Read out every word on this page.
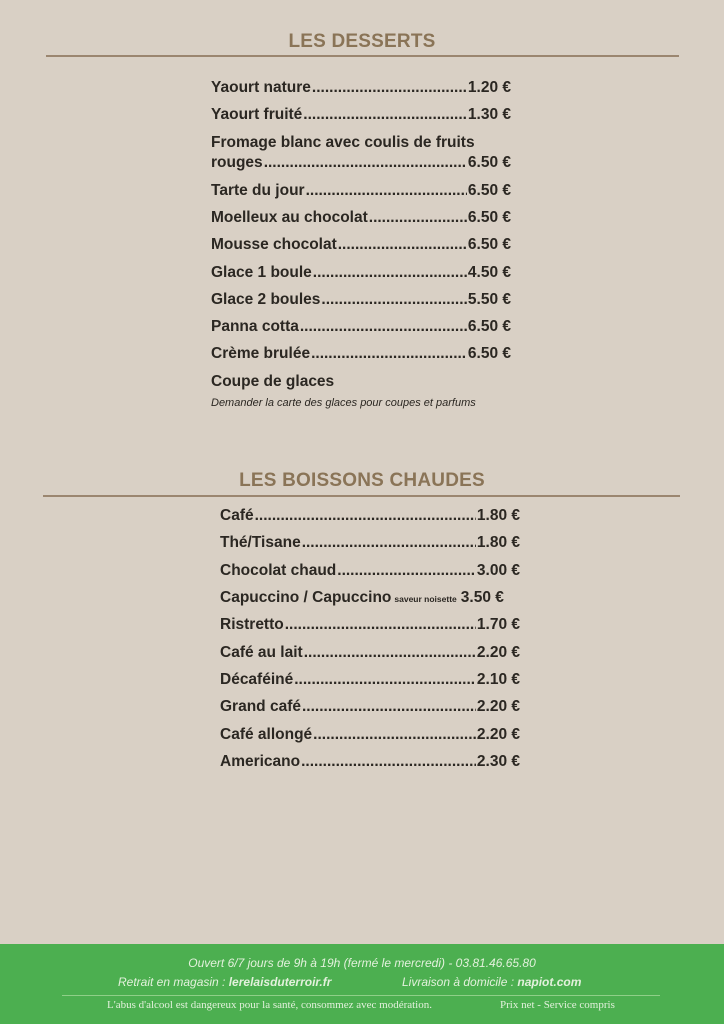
LES DESSERTS
Yaourt nature .....	1.20 €
Yaourt fruité .....	1.30 €
Fromage blanc avec coulis de fruits
rouges .....	6.50 €
Tarte du jour .....	6.50 €
Moelleux au chocolat .....	6.50 €
Mousse chocolat .....	6.50 €
Glace 1 boule .....	4.50 €
Glace 2 boules .....	5.50 €
Panna cotta .....	6.50 €
Crème brulée .....	6.50 €
Coupe de glaces
Demander la carte des glaces pour coupes et parfums
LES BOISSONS CHAUDES
Café .....	1.80 €
Thé/Tisane .....	1.80 €
Chocolat chaud .....	3.00 €
Capuccino / Capuccino saveur noisette 3.50 €
Ristretto .....	1.70 €
Café au lait .....	2.20 €
Décaféiné .....	2.10 €
Grand café .....	2.20 €
Café allongé .....	2.20 €
Americano .....	2.30 €
Ouvert 6/7 jours de 9h à 19h (fermé le mercredi) - 03.81.46.65.80
Retrait en magasin : lerelaisduterroir.fr	Livraison à domicile : napiot.com
L'abus d'alcool est dangereux pour la santé, consommez avec modération.	Prix net - Service compris
